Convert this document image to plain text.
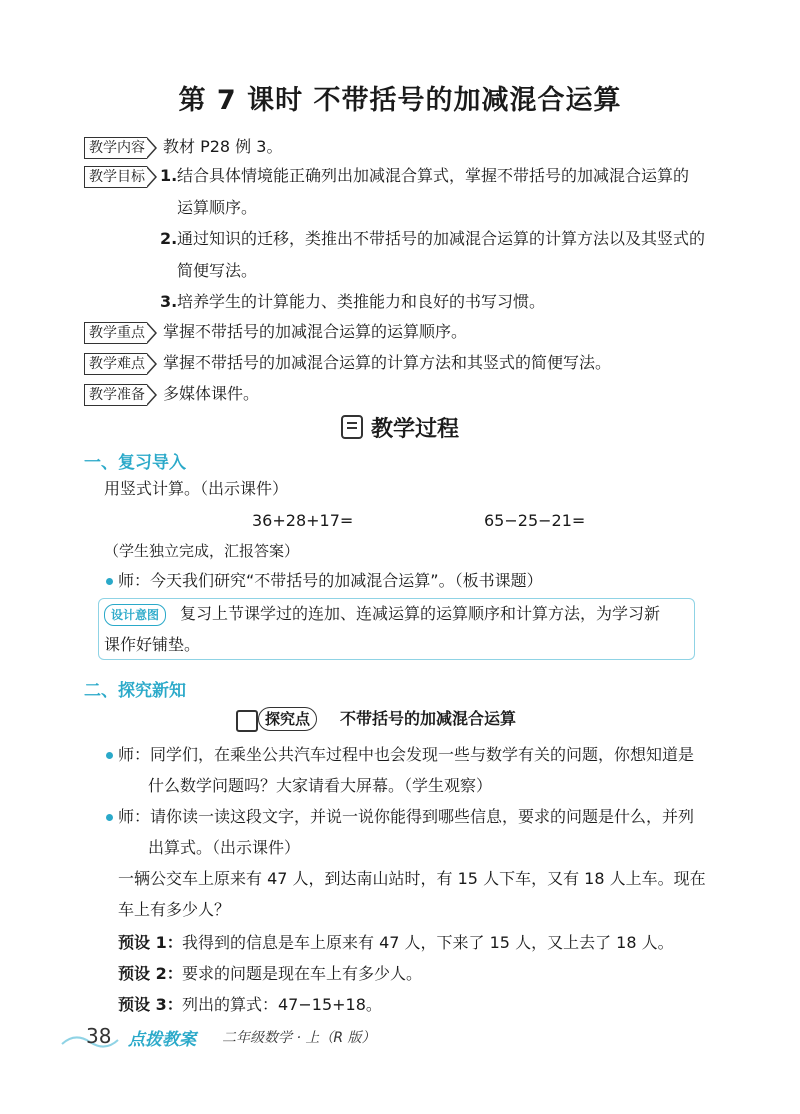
第 7 课时 不带括号的加减混合运算
教学内容 教材 P28 例 3。
教学目标 1. 结合具体情境能正确列出加减混合算式，掌握不带括号的加减混合运算的
运算顺序。
2. 通过知识的迁移，类推出不带括号的加减混合运算的计算方法以及其竖式的
简便写法。
3. 培养学生的计算能力、类推能力和良好的书写习惯。
教学重点 掌握不带括号的加减混合运算的运算顺序。
教学难点 掌握不带括号的加减混合运算的计算方法和其竖式的简便写法。
教学准备 多媒体课件。
教学过程
一、复习导入
用竖式计算。（出示课件）
36+28+17=	65−25−21=
（学生独立完成，汇报答案）
师：今天我们研究“不带括号的加减混合运算”。（板书课题）
设计意图	复习上节课学过的连加、连减运算的运算顺序和计算方法，为学习新
课作好铺垫。
二、探究新知
探究点	不带括号的加减混合运算
师：同学们，在乘坐公共汽车过程中也会发现一些与数学有关的问题，你想知道是
什么数学问题吗？大家请看大屏幕。（学生观察）
师：请你读一读这段文字，并说一说你能得到哪些信息，要求的问题是什么，并列
出算式。（出示课件）
一辆公交车上原来有 47 人，到达南山站时，有 15 人下车，又有 18 人上车。现在
车上有多少人？
预设 1： 我得到的信息是车上原来有 47 人，下来了 15 人，又上去了 18 人。
预设 2： 要求的问题是现在车上有多少人。
预设 3： 列出的算式：47−15+18。
38 点拨教案 二年级数学 · 上（R 版）
